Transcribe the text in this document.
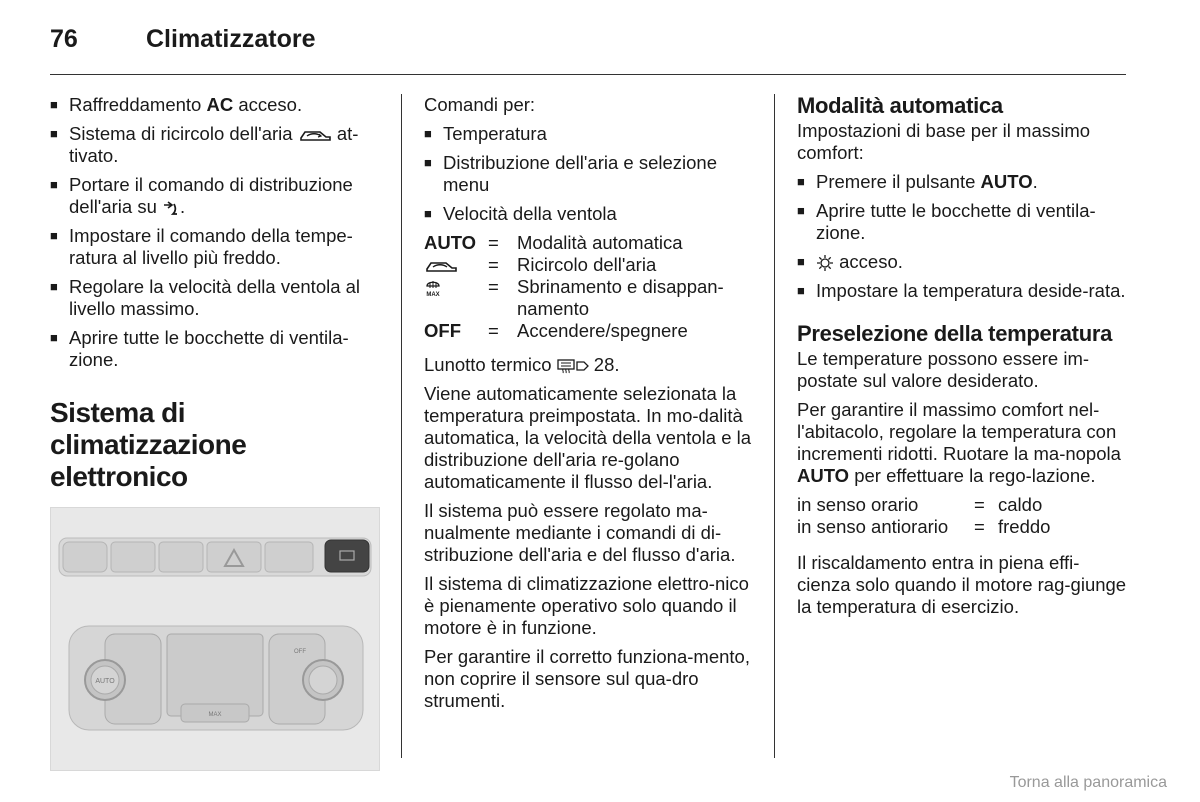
76	Climatizzatore
■ Raffreddamento AC acceso.
■ Sistema di ricircolo dell'aria  at-tivato.
■ Portare il comando di distribuzione dell'aria su .
■ Impostare il comando della tempe-ratura al livello più freddo.
■ Regolare la velocità della ventola al livello massimo.
■ Aprire tutte le bocchette di ventila-zione.
Sistema di climatizzazione elettronico
AUTO
OFF
MAX

Comandi per:

■ Temperatura
■ Distribuzione dell'aria e selezione menu
■ Velocità della ventola
AUTO	=	Modalità automatica
	=	Ricircolo dell'aria

MAX	=	Sbrinamento e disappan-namento
OFF	=	Accendere/spegnere

Lunotto termico  28.

Viene automaticamente selezionata la temperatura preimpostata. In mo-dalità automatica, la velocità della ventola e la distribuzione dell'aria re-golano automaticamente il flusso del-l'aria.

Il sistema può essere regolato ma-nualmente mediante i comandi di di-stribuzione dell'aria e del flusso d'aria.

Il sistema di climatizzazione elettro-nico è pienamente operativo solo quando il motore è in funzione.

Per garantire il corretto funziona-mento, non coprire il sensore sul qua-dro strumenti.

Modalità automatica

Impostazioni di base per il massimo comfort:

■ Premere il pulsante AUTO.
■ Aprire tutte le bocchette di ventila-zione.
■ acceso.
■ Impostare la temperatura deside-rata.
Preselezione della temperatura

Le temperature possono essere im-postate sul valore desiderato.

Per garantire il massimo comfort nel-l'abitacolo, regolare la temperatura con incrementi ridotti. Ruotare la ma-nopola AUTO per effettuare la rego-lazione.

in senso orario	=	caldo
in senso antiorario	=	freddo

Il riscaldamento entra in piena effi-cienza solo quando il motore rag-giunge la temperatura di esercizio.

Torna alla panoramica
